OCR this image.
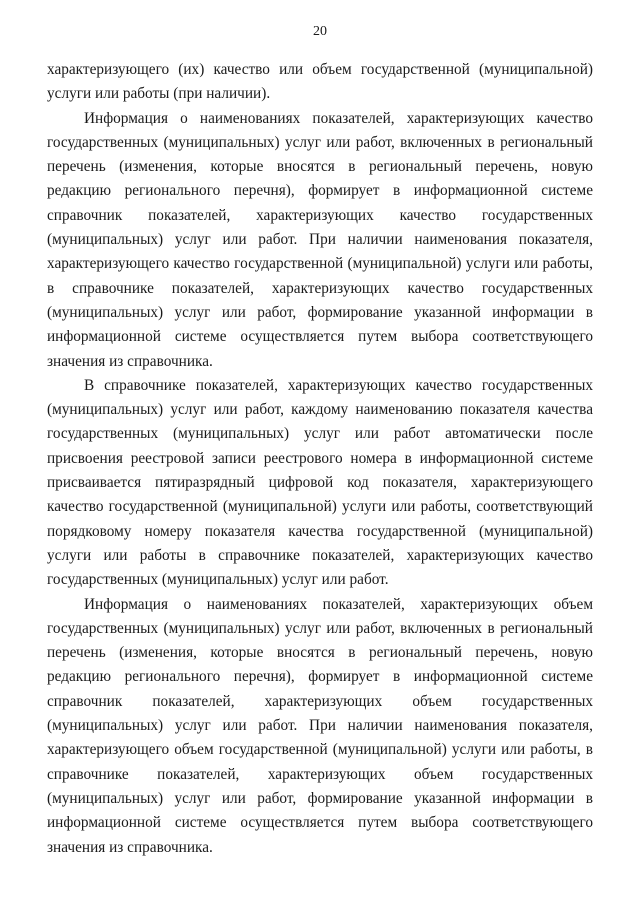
20

характеризующего (их) качество или объем государственной (муниципальной) услуги или работы (при наличии).

Информация о наименованиях показателей, характеризующих качество государственных (муниципальных) услуг или работ, включенных в региональный перечень (изменения, которые вносятся в региональный перечень, новую редакцию регионального перечня), формирует в информационной системе справочник показателей, характеризующих качество государственных (муниципальных) услуг или работ. При наличии наименования показателя, характеризующего качество государственной (муниципальной) услуги или работы, в справочнике показателей, характеризующих качество государственных (муниципальных) услуг или работ, формирование указанной информации в информационной системе осуществляется путем выбора соответствующего значения из справочника.

В справочнике показателей, характеризующих качество государственных (муниципальных) услуг или работ, каждому наименованию показателя качества государственных (муниципальных) услуг или работ автоматически после присвоения реестровой записи реестрового номера в информационной системе присваивается пятиразрядный цифровой код показателя, характеризующего качество государственной (муниципальной) услуги или работы, соответствующий порядковому номеру показателя качества государственной (муниципальной) услуги или работы в справочнике показателей, характеризующих качество государственных (муниципальных) услуг или работ.

Информация о наименованиях показателей, характеризующих объем государственных (муниципальных) услуг или работ, включенных в региональный перечень (изменения, которые вносятся в региональный перечень, новую редакцию регионального перечня), формирует в информационной системе справочник показателей, характеризующих объем государственных (муниципальных) услуг или работ. При наличии наименования показателя, характеризующего объем государственной (муниципальной) услуги или работы, в справочнике показателей, характеризующих объем государственных (муниципальных) услуг или работ, формирование указанной информации в информационной системе осуществляется путем выбора соответствующего значения из справочника.
